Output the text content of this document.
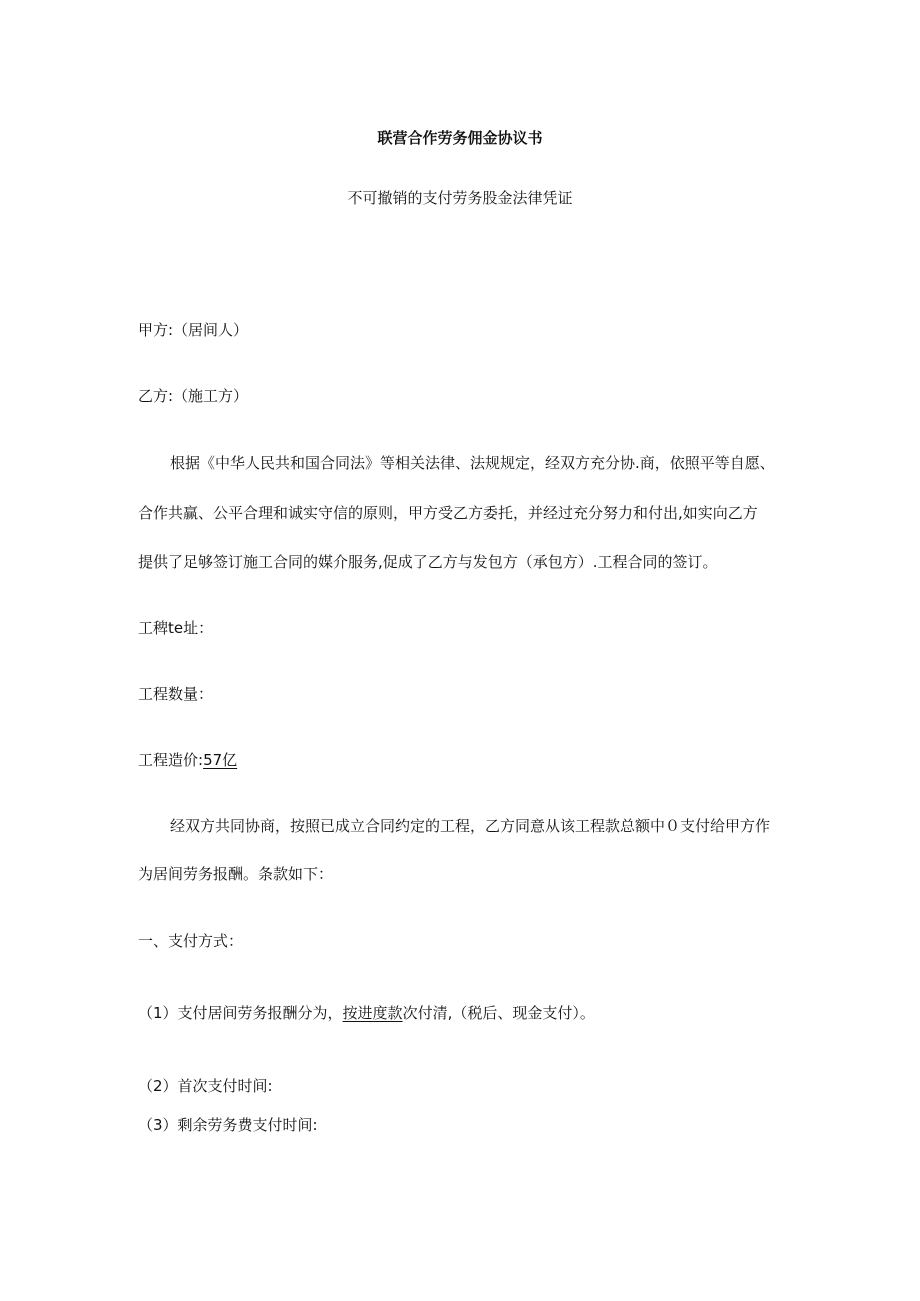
联营合作劳务佣金协议书
不可撤销的支付劳务股金法律凭证
甲方:（居间人）
乙方:（施工方）
根据《中华人民共和国合同法》等相关法律、法规规定，经双方充分协.商，依照平等自愿、
合作共赢、公平合理和诚实守信的原则，甲方受乙方委托，并经过充分努力和付出,如实向乙方
提供了足够签订施工合同的媒介服务,促成了乙方与发包方（承包方）.工程合同的签订。
工稗te址：
工程数量：
工程造价:57亿
经双方共同协商，按照已成立合同约定的工程，乙方同意从该工程款总额中０支付给甲方作
为居间劳务报酬。条款如下：
一、支付方式：
（1）支付居间劳务报酬分为，按进度款次付清,（税后、现金支付）。
（2）首次支付时间:
（3）剩余劳务费支付时间:
